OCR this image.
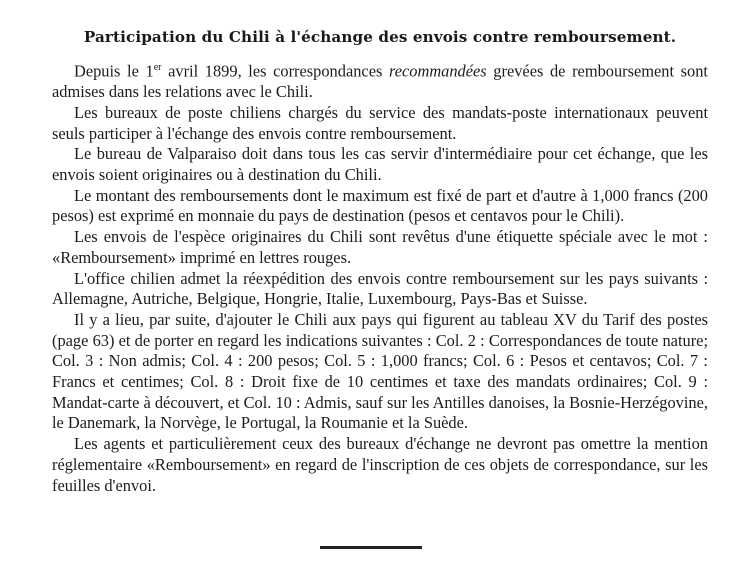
Participation du Chili à l'échange des envois contre remboursement.

Depuis le 1er avril 1899, les correspondances recommandées grevées de remboursement sont admises dans les relations avec le Chili.

Les bureaux de poste chiliens chargés du service des mandats-poste internationaux peuvent seuls participer à l'échange des envois contre remboursement.

Le bureau de Valparaiso doit dans tous les cas servir d'intermédiaire pour cet échange, que les envois soient originaires ou à destination du Chili.

Le montant des remboursements dont le maximum est fixé de part et d'autre à 1,000 francs (200 pesos) est exprimé en monnaie du pays de destination (pesos et centavos pour le Chili).

Les envois de l'espèce originaires du Chili sont revêtus d'une étiquette spéciale avec le mot : «Remboursement» imprimé en lettres rouges.

L'office chilien admet la réexpédition des envois contre remboursement sur les pays suivants : Allemagne, Autriche, Belgique, Hongrie, Italie, Luxembourg, Pays-Bas et Suisse.

Il y a lieu, par suite, d'ajouter le Chili aux pays qui figurent au tableau XV du Tarif des postes (page 63) et de porter en regard les indications suivantes : Col. 2 : Correspondances de toute nature; Col. 3 : Non admis; Col. 4 : 200 pesos; Col. 5 : 1,000 francs; Col. 6 : Pesos et centavos; Col. 7 : Francs et centimes; Col. 8 : Droit fixe de 10 centimes et taxe des mandats ordinaires; Col. 9 : Mandat-carte à découvert, et Col. 10 : Admis, sauf sur les Antilles danoises, la Bosnie-Herzégovine, le Danemark, la Norvège, le Portugal, la Roumanie et la Suède.

Les agents et particulièrement ceux des bureaux d'échange ne devront pas omettre la mention réglementaire «Remboursement» en regard de l'inscription de ces objets de correspondance, sur les feuilles d'envoi.
